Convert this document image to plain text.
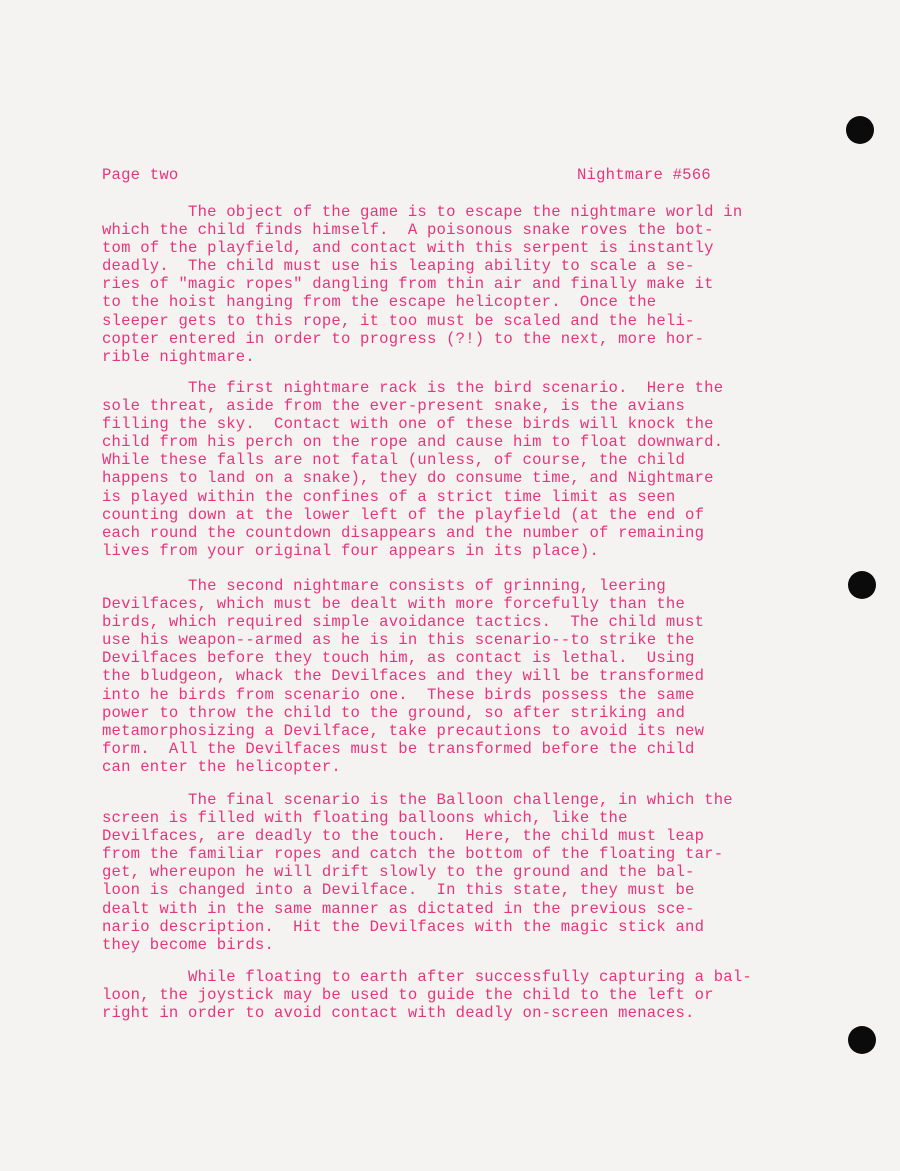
Page two	Nightmare #566
The object of the game is to escape the nightmare world in
which the child finds himself.  A poisonous snake roves the bot-
tom of the playfield, and contact with this serpent is instantly
deadly.  The child must use his leaping ability to scale a se-
ries of "magic ropes" dangling from thin air and finally make it
to the hoist hanging from the escape helicopter.  Once the
sleeper gets to this rope, it too must be scaled and the heli-
copter entered in order to progress (?!) to the next, more hor-
rible nightmare.
The first nightmare rack is the bird scenario.  Here the
sole threat, aside from the ever-present snake, is the avians
filling the sky.  Contact with one of these birds will knock the
child from his perch on the rope and cause him to float downward.
While these falls are not fatal (unless, of course, the child
happens to land on a snake), they do consume time, and Nightmare
is played within the confines of a strict time limit as seen
counting down at the lower left of the playfield (at the end of
each round the countdown disappears and the number of remaining
lives from your original four appears in its place).
The second nightmare consists of grinning, leering
Devilfaces, which must be dealt with more forcefully than the
birds, which required simple avoidance tactics.  The child must
use his weapon--armed as he is in this scenario--to strike the
Devilfaces before they touch him, as contact is lethal.  Using
the bludgeon, whack the Devilfaces and they will be transformed
into he birds from scenario one.  These birds possess the same
power to throw the child to the ground, so after striking and
metamorphosizing a Devilface, take precautions to avoid its new
form.  All the Devilfaces must be transformed before the child
can enter the helicopter.
The final scenario is the Balloon challenge, in which the
screen is filled with floating balloons which, like the
Devilfaces, are deadly to the touch.  Here, the child must leap
from the familiar ropes and catch the bottom of the floating tar-
get, whereupon he will drift slowly to the ground and the bal-
loon is changed into a Devilface.  In this state, they must be
dealt with in the same manner as dictated in the previous sce-
nario description.  Hit the Devilfaces with the magic stick and
they become birds.
While floating to earth after successfully capturing a bal-
loon, the joystick may be used to guide the child to the left or
right in order to avoid contact with deadly on-screen menaces.
